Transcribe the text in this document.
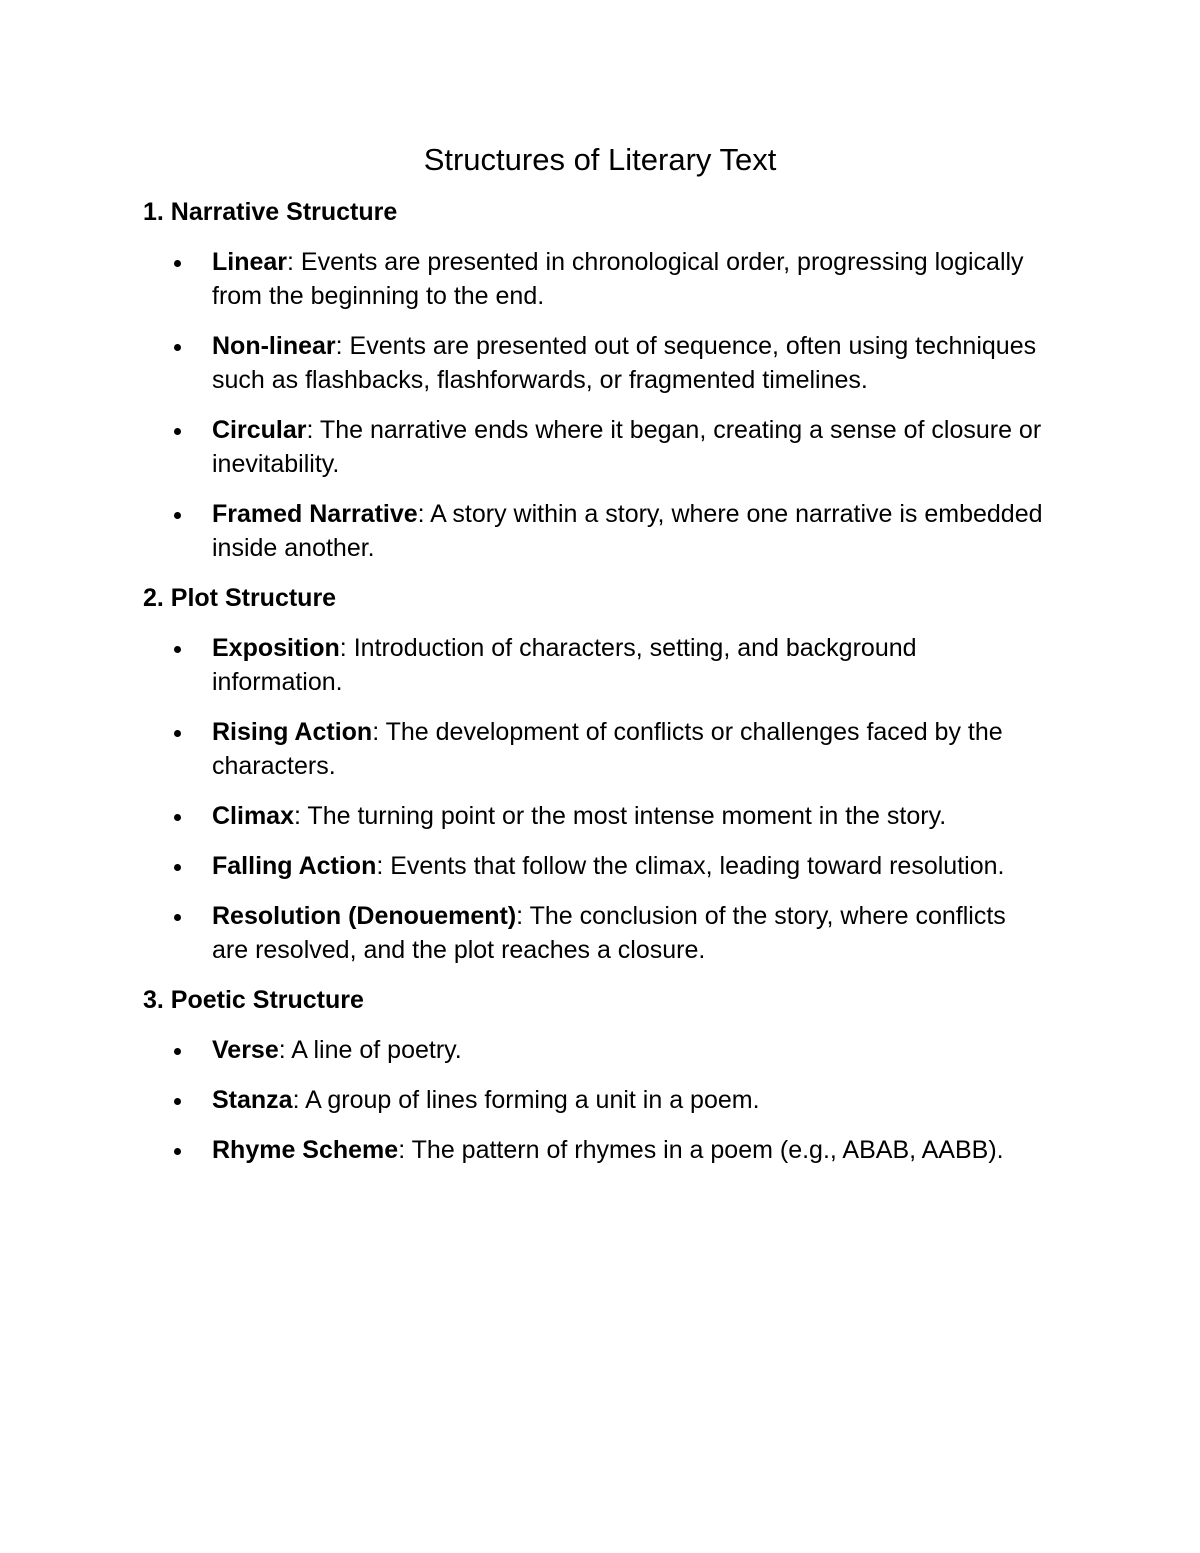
Structures of Literary Text
1. Narrative Structure
Linear: Events are presented in chronological order, progressing logically from the beginning to the end.
Non-linear: Events are presented out of sequence, often using techniques such as flashbacks, flashforwards, or fragmented timelines.
Circular: The narrative ends where it began, creating a sense of closure or inevitability.
Framed Narrative: A story within a story, where one narrative is embedded inside another.
2. Plot Structure
Exposition: Introduction of characters, setting, and background information.
Rising Action: The development of conflicts or challenges faced by the characters.
Climax: The turning point or the most intense moment in the story.
Falling Action: Events that follow the climax, leading toward resolution.
Resolution (Denouement): The conclusion of the story, where conflicts are resolved, and the plot reaches a closure.
3. Poetic Structure
Verse: A line of poetry.
Stanza: A group of lines forming a unit in a poem.
Rhyme Scheme: The pattern of rhymes in a poem (e.g., ABAB, AABB).
